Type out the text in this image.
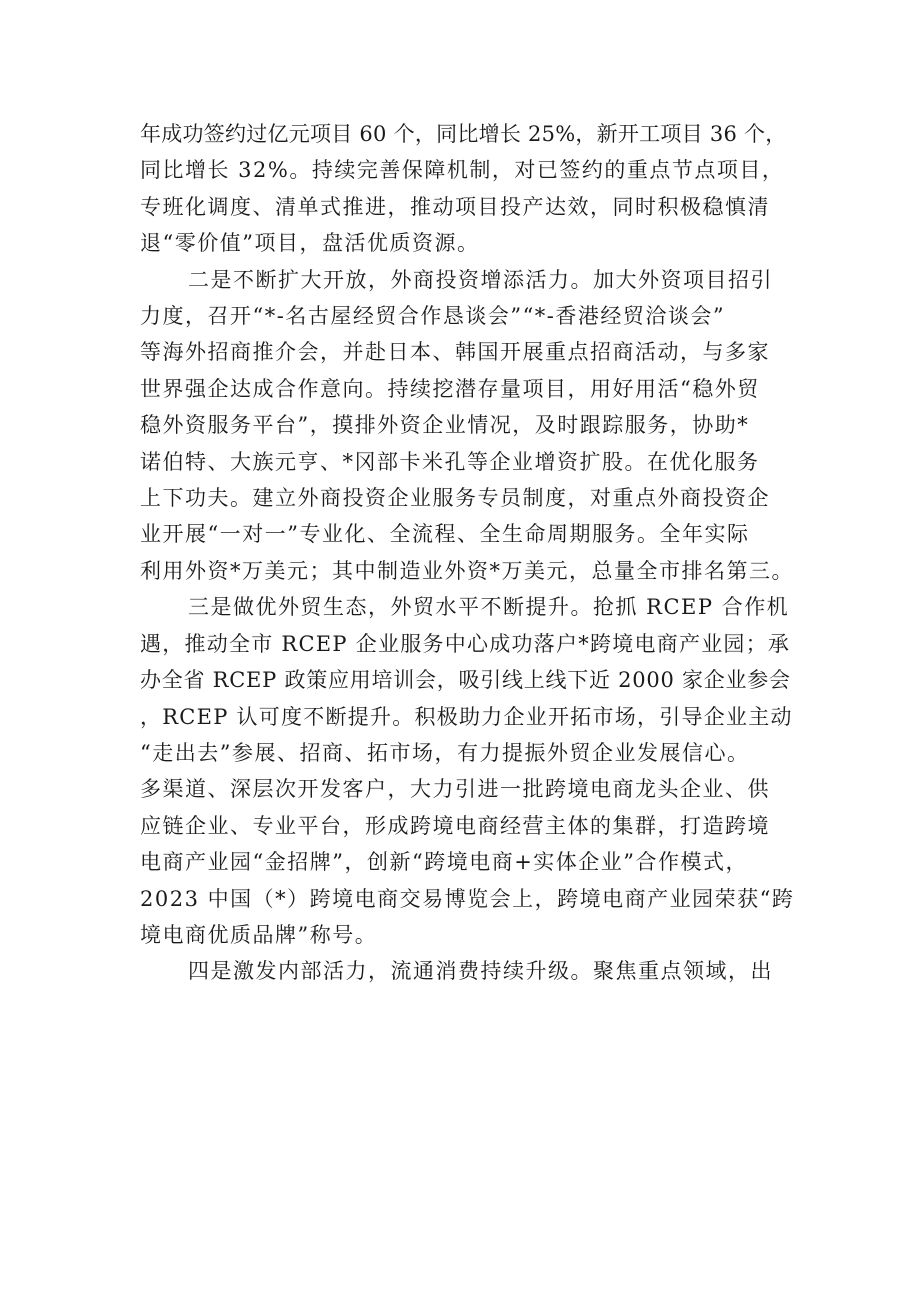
年成功签约过亿元项目 60 个，同比增长 25%，新开工项目 36 个，
同比增长 32%。持续完善保障机制，对已签约的重点节点项目，
专班化调度、清单式推进，推动项目投产达效，同时积极稳慎清
退“零价值”项目，盘活优质资源。
二是不断扩大开放，外商投资增添活力。加大外资项目招引
力度，召开“*-名古屋经贸合作恳谈会”“*-香港经贸洽谈会”
等海外招商推介会，并赴日本、韩国开展重点招商活动，与多家
世界强企达成合作意向。持续挖潜存量项目，用好用活“稳外贸
稳外资服务平台”，摸排外资企业情况，及时跟踪服务，协助*
诺伯特、大族元亨、*冈部卡米孔等企业增资扩股。在优化服务
上下功夫。建立外商投资企业服务专员制度，对重点外商投资企
业开展“一对一”专业化、全流程、全生命周期服务。全年实际
利用外资*万美元；其中制造业外资*万美元，总量全市排名第三。
三是做优外贸生态，外贸水平不断提升。抢抓 RCEP 合作机
遇，推动全市 RCEP 企业服务中心成功落户*跨境电商产业园；承
办全省 RCEP 政策应用培训会，吸引线上线下近 2000 家企业参会
，RCEP 认可度不断提升。积极助力企业开拓市场，引导企业主动
“走出去”参展、招商、拓市场，有力提振外贸企业发展信心。
多渠道、深层次开发客户，大力引进一批跨境电商龙头企业、供
应链企业、专业平台，形成跨境电商经营主体的集群，打造跨境
电商产业园“金招牌”，创新“跨境电商+实体企业”合作模式，
2023 中国（*）跨境电商交易博览会上，跨境电商产业园荣获“跨
境电商优质品牌”称号。
四是激发内部活力，流通消费持续升级。聚焦重点领域，出
